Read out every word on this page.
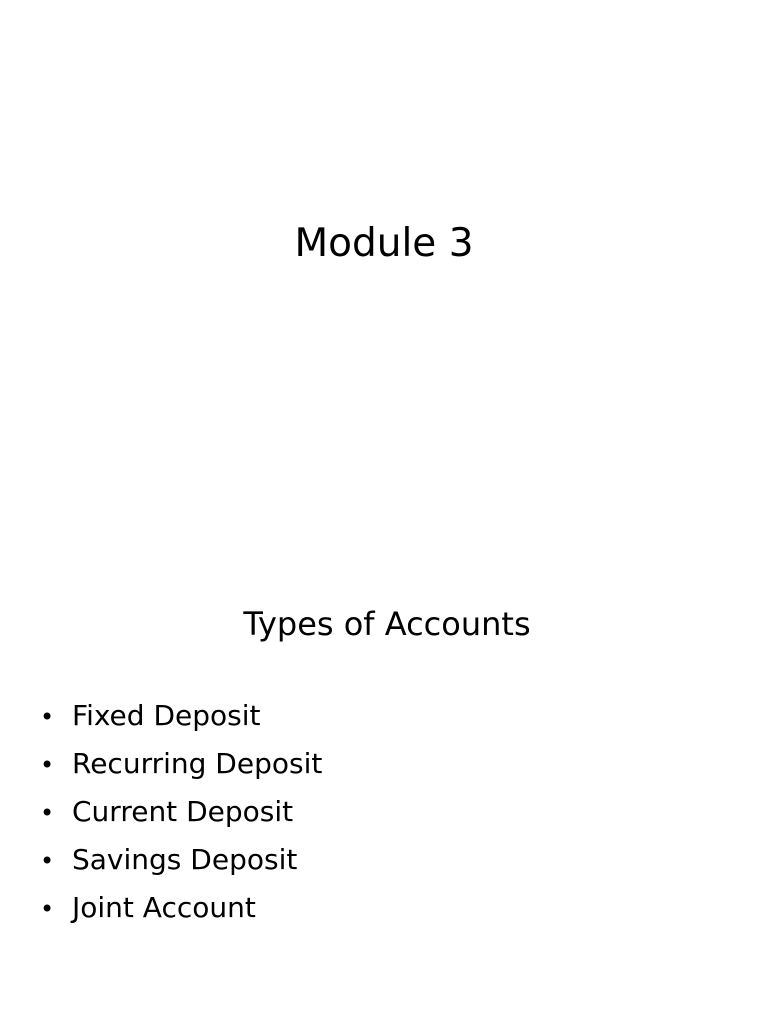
Module 3
Types of Accounts
• Fixed Deposit
• Recurring Deposit
• Current Deposit
• Savings Deposit
• Joint Account
